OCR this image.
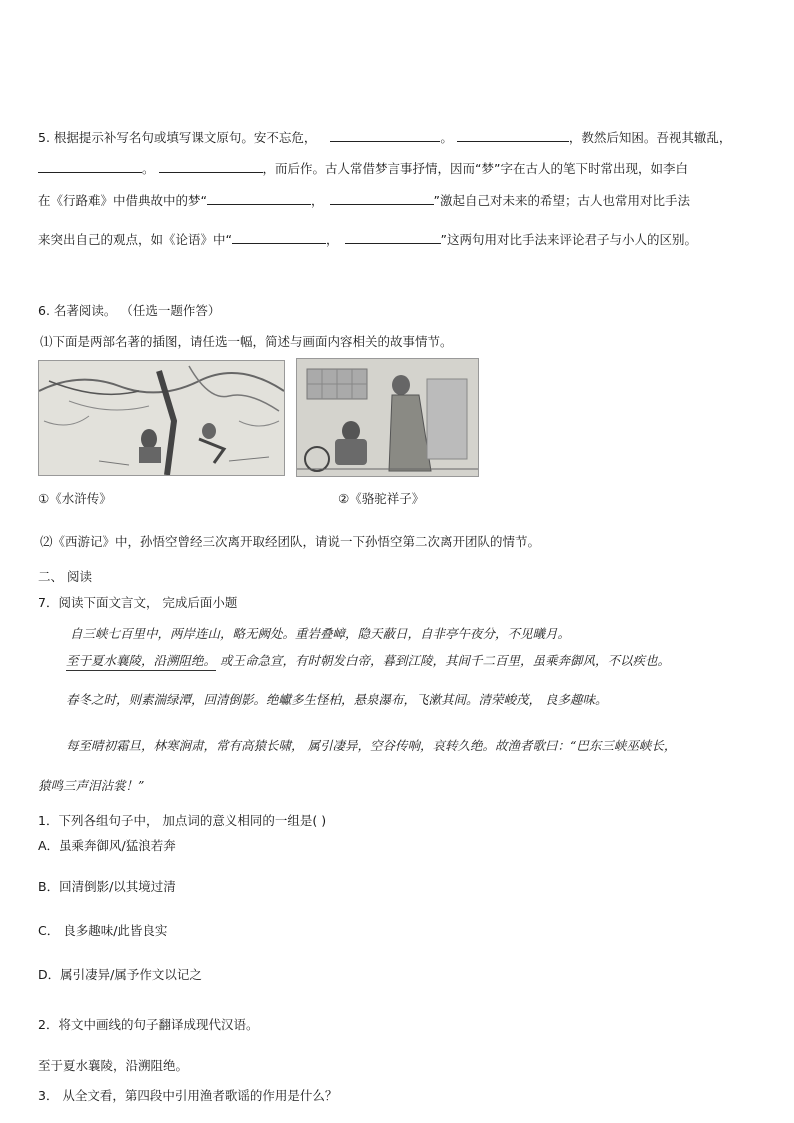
5. 根据提示补写名句或填写课文原句。安不忘危，	。	，教然后知困。吾视其辙乱，
。	，而后作。古人常借梦言事抒情，因而“梦”字在古人的笔下时常出现，如李白
在《行路难》中借典故中的梦“	，	”激起自己对未来的希望；古人也常用对比手法
来突出自己的观点，如《论语》中“	，	”这两句用对比手法来评论君子与小人的区别。
6. 名著阅读。 （任选一题作答）
⑴下面是两部名著的插图，请任选一幅，简述与画面内容相关的故事情节。
①《水浒传》	②《骆驼祥子》
⑵《西游记》中，孙悟空曾经三次离开取经团队，请说一下孙悟空第二次离开团队的情节。
二、 阅读
7．阅读下面文言文， 完成后面小题
自三峡七百里中，两岸连山，略无阙处。重岩叠嶂，隐天蔽日，自非亭午夜分，不见曦月。
至于夏水襄陵，沿溯阻绝。 或王命急宣，有时朝发白帝，暮到江陵，其间千二百里，虽乘奔御风，不以疾也。
春冬之时，则素湍绿潭，回清倒影。绝巘多生怪柏，悬泉瀑布，飞漱其间。清荣峻茂， 良多趣味。
每至晴初霜旦，林寒涧肃，常有高猿长啸， 属引凄异，空谷传响，哀转久绝。故渔者歌曰：“巴东三峡巫峡长，
猿鸣三声泪沾裳！”
1．下列各组句子中， 加点词的意义相同的一组是( )
A．虽乘奔御风/猛浪若奔
B．回清倒影/以其境过清
C． 良多趣味/此皆良实
D．属引凄异/属予作文以记之
2．将文中画线的句子翻译成现代汉语。
至于夏水襄陵，沿溯阻绝。
3． 从全文看，第四段中引用渔者歌谣的作用是什么？
